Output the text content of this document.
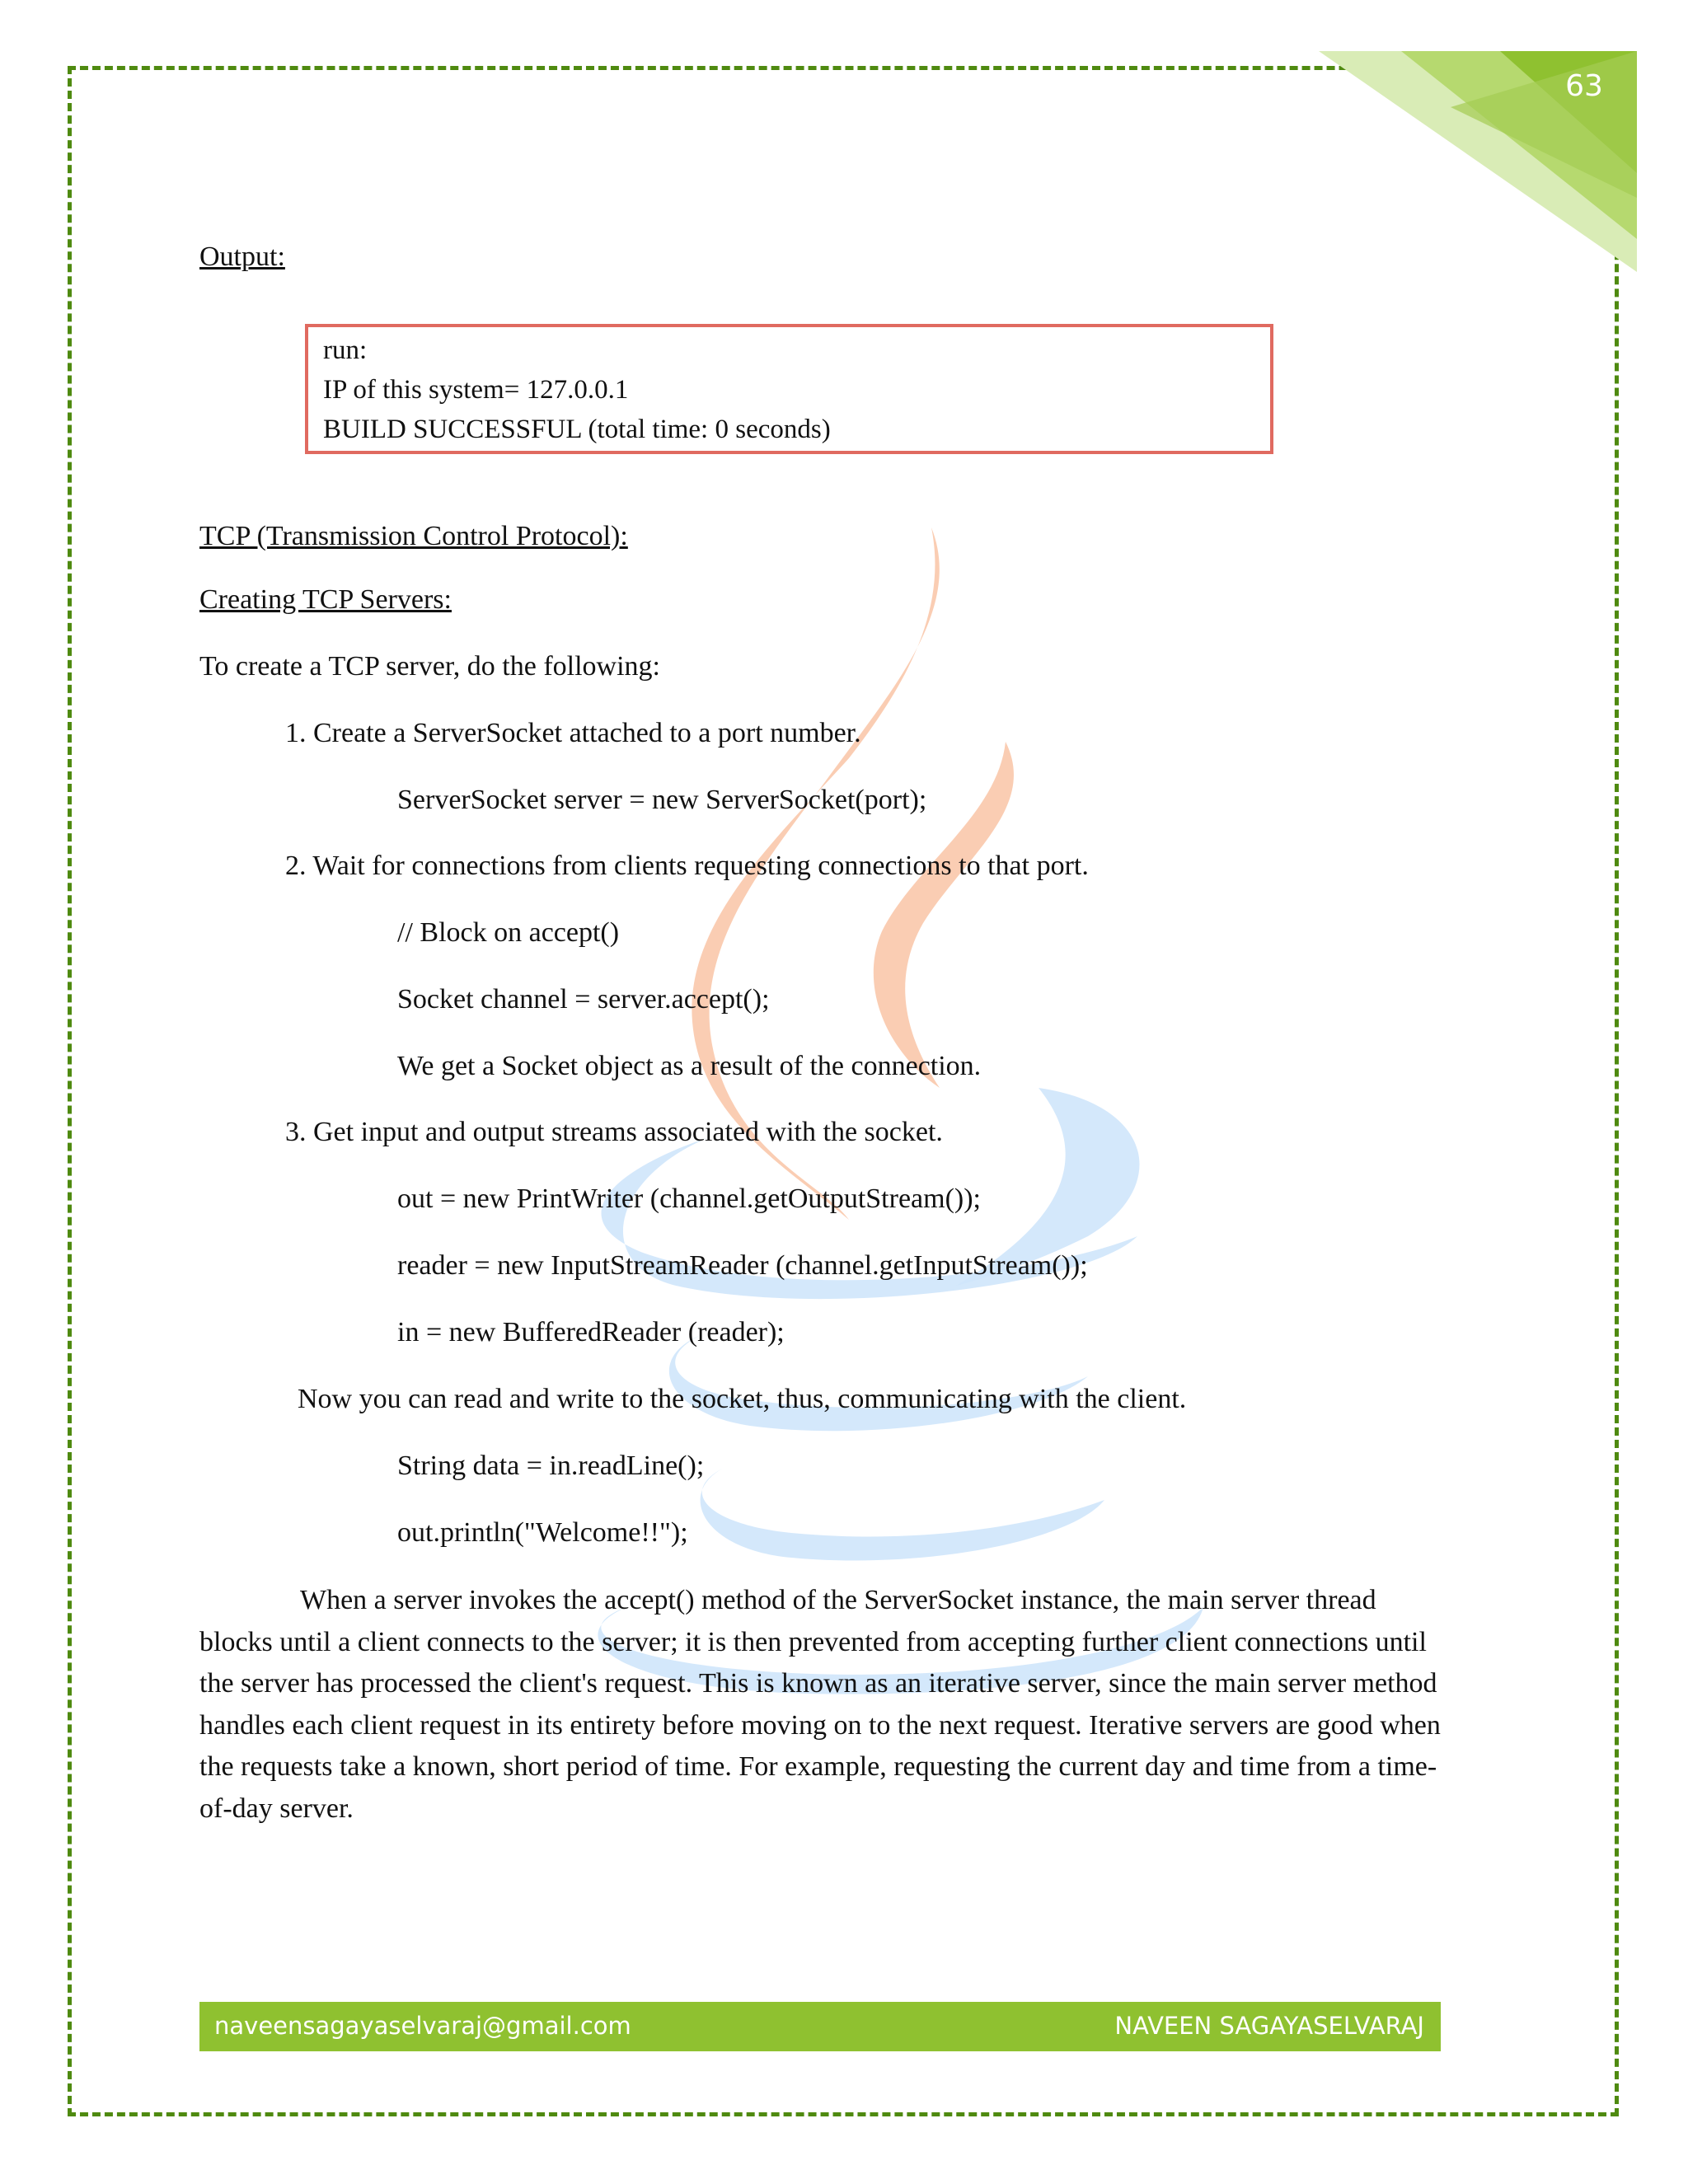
63
Output:
run:
IP of this system= 127.0.0.1
BUILD SUCCESSFUL (total time: 0 seconds)
TCP (Transmission Control Protocol):
Creating TCP Servers:
To create a TCP server, do the following:
1. Create a ServerSocket attached to a port number.
ServerSocket server = new ServerSocket(port);
2. Wait for connections from clients requesting connections to that port.
// Block on accept()
Socket channel = server.accept();
We get a Socket object as a result of the connection.
3. Get input and output streams associated with the socket.
out = new PrintWriter (channel.getOutputStream());
reader = new InputStreamReader (channel.getInputStream());
in = new BufferedReader (reader);
Now you can read and write to the socket, thus, communicating with the client.
String data = in.readLine();
out.println("Welcome!!");
When a server invokes the accept() method of the ServerSocket instance, the main server thread blocks until a client connects to the server; it is then prevented from accepting further client connections until the server has processed the client's request. This is known as an iterative server, since the main server method handles each client request in its entirety before moving on to the next request. Iterative servers are good when the requests take a known, short period of time. For example, requesting the current day and time from a time-of-day server.
naveensagayaselvaraj@gmail.com	NAVEEN SAGAYASELVARAJ
